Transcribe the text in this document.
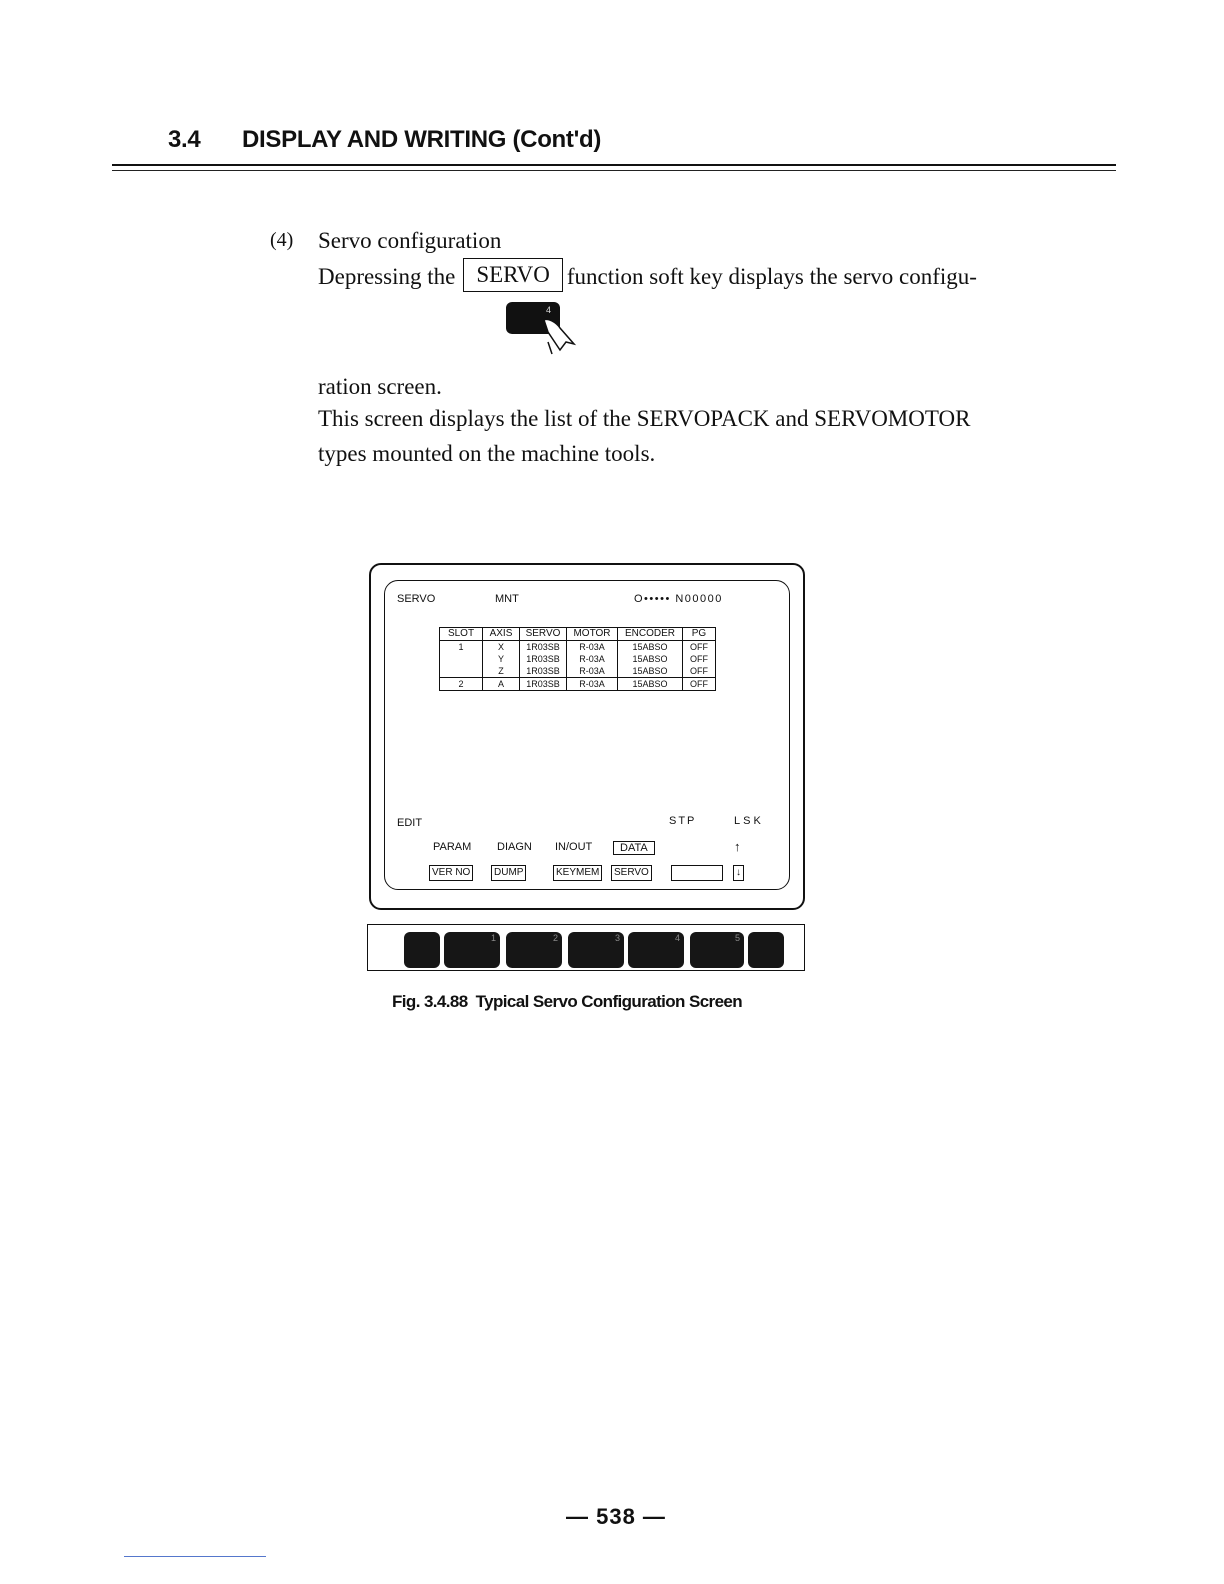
3.4 DISPLAY AND WRITING (Cont'd)
(4) Servo configuration
Depressing the SERVO function soft key displays the servo configu-
4
ration screen.
This screen displays the list of the SERVOPACK and SERVOMOTOR
types mounted on the machine tools.
SERVO	MNT	O••••• N00000
SLOT	AXIS	SERVO	MOTOR	ENCODER	PG
1	X	1R03SB	R-03A	15ABSO	OFF
	Y	1R03SB	R-03A	15ABSO	OFF
	Z	1R03SB	R-03A	15ABSO	OFF
2	A	1R03SB	R-03A	15ABSO	OFF
EDIT	STP	LSK
PARAM DIAGN IN/OUT	DATA	↑
VER NO	DUMP	KEYMEM	SERVO	↓
1	2	3	4	5
Fig. 3.4.88 Typical Servo Configuration Screen
— 538 —
